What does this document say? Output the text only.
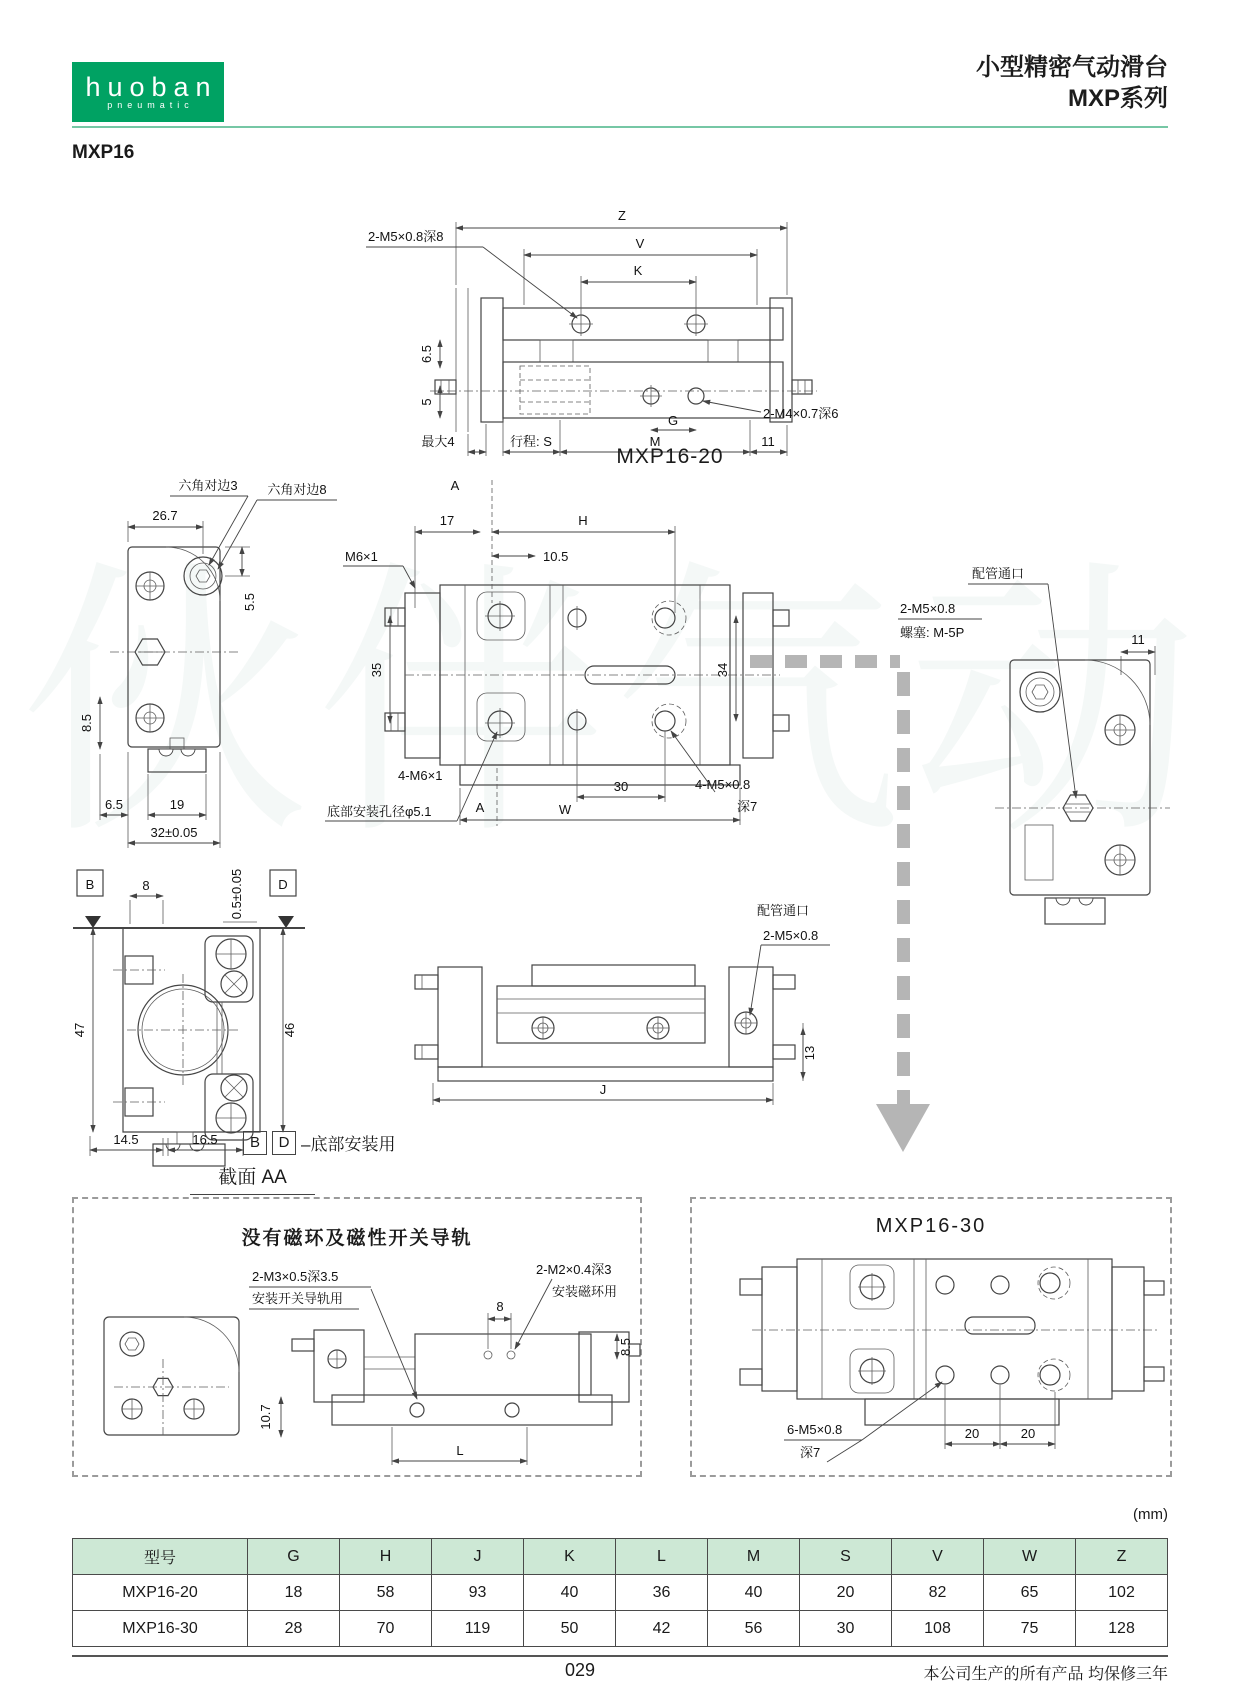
huoban
pneumatic
小型精密气动滑台
MXP系列
MXP16
Z
V
K
6.5
5
G
最大4	行程: S	M	11
2-M5×0.8深8
2-M4×0.7深6
MXP16-20
26.7
5.5
8.5
6.5	19
32±0.05
六角对边3 六角对边8	A
17	H
10.5
35	34
30
W
A
M6×1
4-M6×1
底部安装孔径φ5.1
4-M5×0.8
深7
配管通口
2-M5×0.8
螺塞: M-5P	11
B	D
8	0.5±0.05
47	46
14.5	16.5	B	D –底部安装用
截面 AA
配管通口
2-M5×0.8
13
J
没有磁环及磁性开关导轨
2-M3×0.5深3.5
安装开关导轨用
2-M2×0.4深3
安装磁环用
8
8.5
10.7
L
MXP16-30
20	20
6-M5×0.8
深7
(mm)
型号	G	H	J	K	L	M	S	V	W	Z
MXP16-20	18	58	93	40	36	40	20	82	65	102
MXP16-30	28	70	119	50	42	56	30	108	75	128
029	本公司生产的所有产品 均保修三年
